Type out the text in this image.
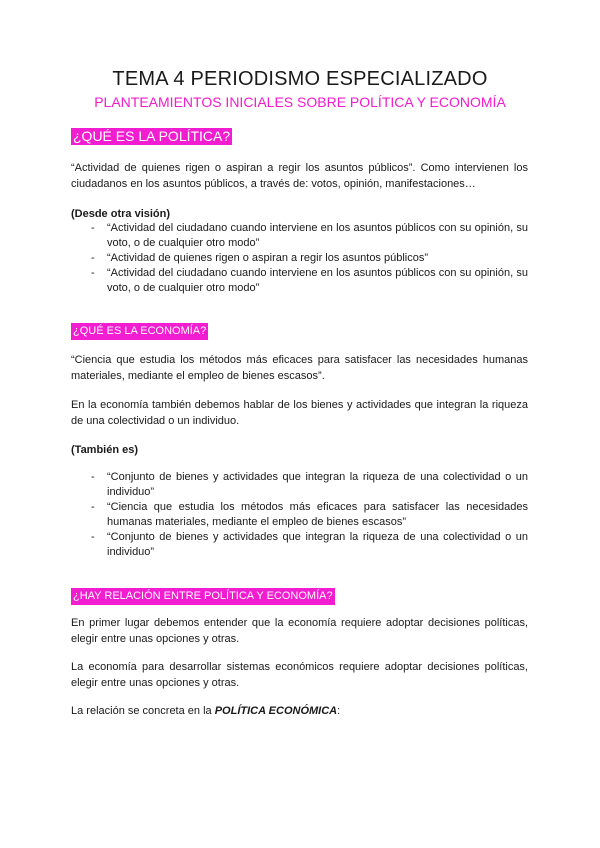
TEMA 4 PERIODISMO ESPECIALIZADO
PLANTEAMIENTOS INICIALES SOBRE POLÍTICA Y ECONOMÍA
¿QUÉ ES LA POLÍTICA?

“Actividad de quienes rigen o aspiran a regir los asuntos públicos”. Como intervienen los ciudadanos en los asuntos públicos, a través de: votos, opinión, manifestaciones…

(Desde otra visión)
- “Actividad del ciudadano cuando interviene en los asuntos públicos con su opinión, su voto, o de cualquier otro modo”
- “Actividad de quienes rigen o aspiran a regir los asuntos públicos”
- “Actividad del ciudadano cuando interviene en los asuntos públicos con su opinión, su voto, o de cualquier otro modo”
¿QUÉ ES LA ECONOMÍA?

“Ciencia que estudia los métodos más eficaces para satisfacer las necesidades humanas materiales, mediante el empleo de bienes escasos”.

En la economía también debemos hablar de los bienes y actividades que integran la riqueza de una colectividad o un individuo.

(También es)
- “Conjunto de bienes y actividades que integran la riqueza de una colectividad o un individuo”
- “Ciencia que estudia los métodos más eficaces para satisfacer las necesidades humanas materiales, mediante el empleo de bienes escasos”
- “Conjunto de bienes y actividades que integran la riqueza de una colectividad o un individuo”
¿HAY RELACIÓN ENTRE POLÍTICA Y ECONOMÍA?

En primer lugar debemos entender que la economía requiere adoptar decisiones políticas, elegir entre unas opciones y otras.

La economía para desarrollar sistemas económicos requiere adoptar decisiones políticas, elegir entre unas opciones y otras.

La relación se concreta en la POLÍTICA ECONÓMICA:
